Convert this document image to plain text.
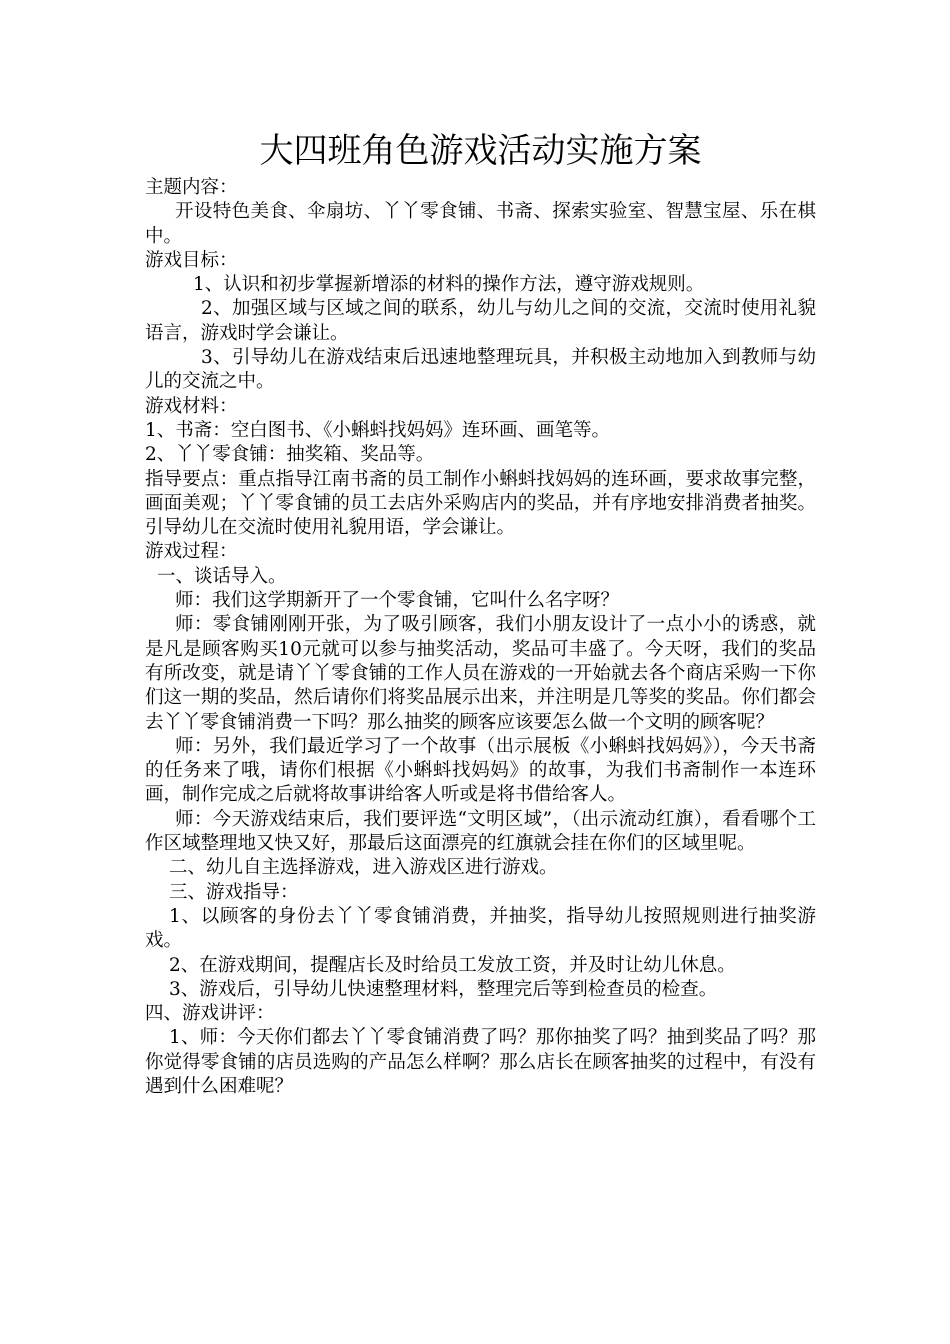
大四班角色游戏活动实施方案

主题内容：

开设特色美食、伞扇坊、丫丫零食铺、书斋、探索实验室、智慧宝屋、乐在棋中。

游戏目标：

1、认识和初步掌握新增添的材料的操作方法，遵守游戏规则。

2、加强区域与区域之间的联系，幼儿与幼儿之间的交流，交流时使用礼貌语言，游戏时学会谦让。

3、引导幼儿在游戏结束后迅速地整理玩具，并积极主动地加入到教师与幼儿的交流之中。

游戏材料：

1、书斋：空白图书、《小蝌蚪找妈妈》连环画、画笔等。

2、丫丫零食铺：抽奖箱、奖品等。

指导要点：重点指导江南书斋的员工制作小蝌蚪找妈妈的连环画，要求故事完整，画面美观；丫丫零食铺的员工去店外采购店内的奖品，并有序地安排消费者抽奖。引导幼儿在交流时使用礼貌用语，学会谦让。

游戏过程：

一、谈话导入。

师：我们这学期新开了一个零食铺，它叫什么名字呀？

师：零食铺刚刚开张，为了吸引顾客，我们小朋友设计了一点小小的诱惑，就是凡是顾客购买10元就可以参与抽奖活动，奖品可丰盛了。今天呀，我们的奖品有所改变，就是请丫丫零食铺的工作人员在游戏的一开始就去各个商店采购一下你们这一期的奖品，然后请你们将奖品展示出来，并注明是几等奖的奖品。你们都会去丫丫零食铺消费一下吗？那么抽奖的顾客应该要怎么做一个文明的顾客呢？

师：另外，我们最近学习了一个故事（出示展板《小蝌蚪找妈妈》），今天书斋的任务来了哦，请你们根据《小蝌蚪找妈妈》的故事，为我们书斋制作一本连环画，制作完成之后就将故事讲给客人听或是将书借给客人。

师：今天游戏结束后，我们要评选“文明区域”，（出示流动红旗），看看哪个工作区域整理地又快又好，那最后这面漂亮的红旗就会挂在你们的区域里呢。

二、幼儿自主选择游戏，进入游戏区进行游戏。

三、游戏指导：

1、以顾客的身份去丫丫零食铺消费，并抽奖，指导幼儿按照规则进行抽奖游戏。

2、在游戏期间，提醒店长及时给员工发放工资，并及时让幼儿休息。

3、游戏后，引导幼儿快速整理材料，整理完后等到检查员的检查。

四、游戏讲评：

1、师：今天你们都去丫丫零食铺消费了吗？那你抽奖了吗？抽到奖品了吗？那你觉得零食铺的店员选购的产品怎么样啊？那么店长在顾客抽奖的过程中，有没有遇到什么困难呢？
